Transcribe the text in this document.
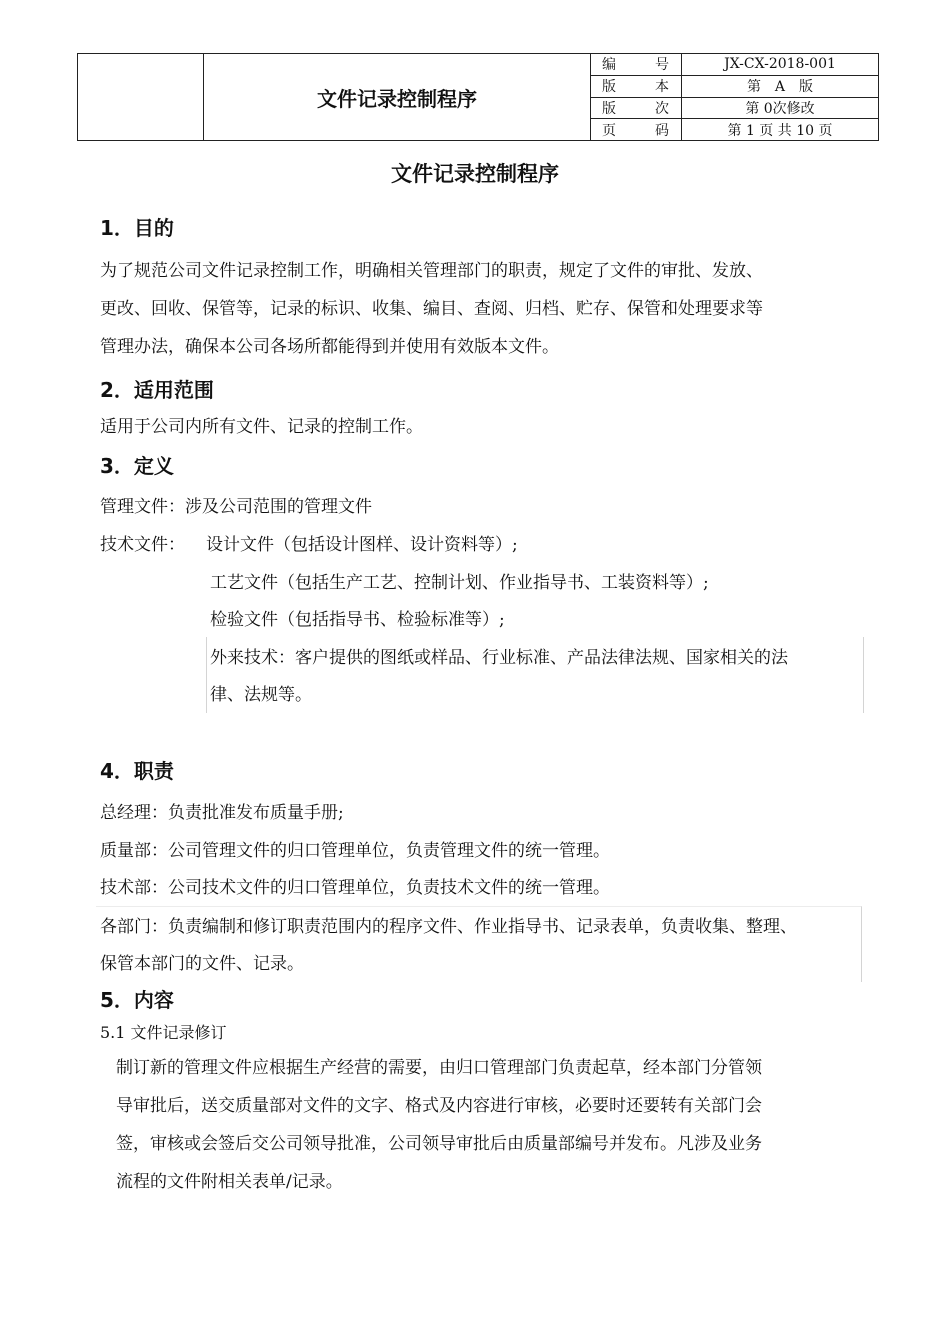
	文件记录控制程序	编 号	JX-CX-2018-001

		版 本	第　A　版

		版 次	第 0次修改

		页 码	第 1 页 共 10 页
文件记录控制程序
1．目的
为了规范公司文件记录控制工作，明确相关管理部门的职责，规定了文件的审批、发放、
更改、回收、保管等，记录的标识、收集、编目、查阅、归档、贮存、保管和处理要求等
管理办法，确保本公司各场所都能得到并使用有效版本文件。
2．适用范围
适用于公司内所有文件、记录的控制工作。
3．定义
管理文件：涉及公司范围的管理文件
技术文件： 设计文件（包括设计图样、设计资料等）;
工艺文件（包括生产工艺、控制计划、作业指导书、工装资料等）;
检验文件（包括指导书、检验标准等）;
外来技术：客户提供的图纸或样品、行业标准、产品法律法规、国家相关的法
律、法规等。
4．职责
总经理：负责批准发布质量手册;
质量部：公司管理文件的归口管理单位，负责管理文件的统一管理。
技术部：公司技术文件的归口管理单位，负责技术文件的统一管理。
各部门：负责编制和修订职责范围内的程序文件、作业指导书、记录表单，负责收集、整理、
保管本部门的文件、记录。
5．内容
5.1 文件记录修订
制订新的管理文件应根据生产经营的需要，由归口管理部门负责起草，经本部门分管领
导审批后，送交质量部对文件的文字、格式及内容进行审核，必要时还要转有关部门会
签，审核或会签后交公司领导批准，公司领导审批后由质量部编号并发布。凡涉及业务
流程的文件附相关表单/记录。
